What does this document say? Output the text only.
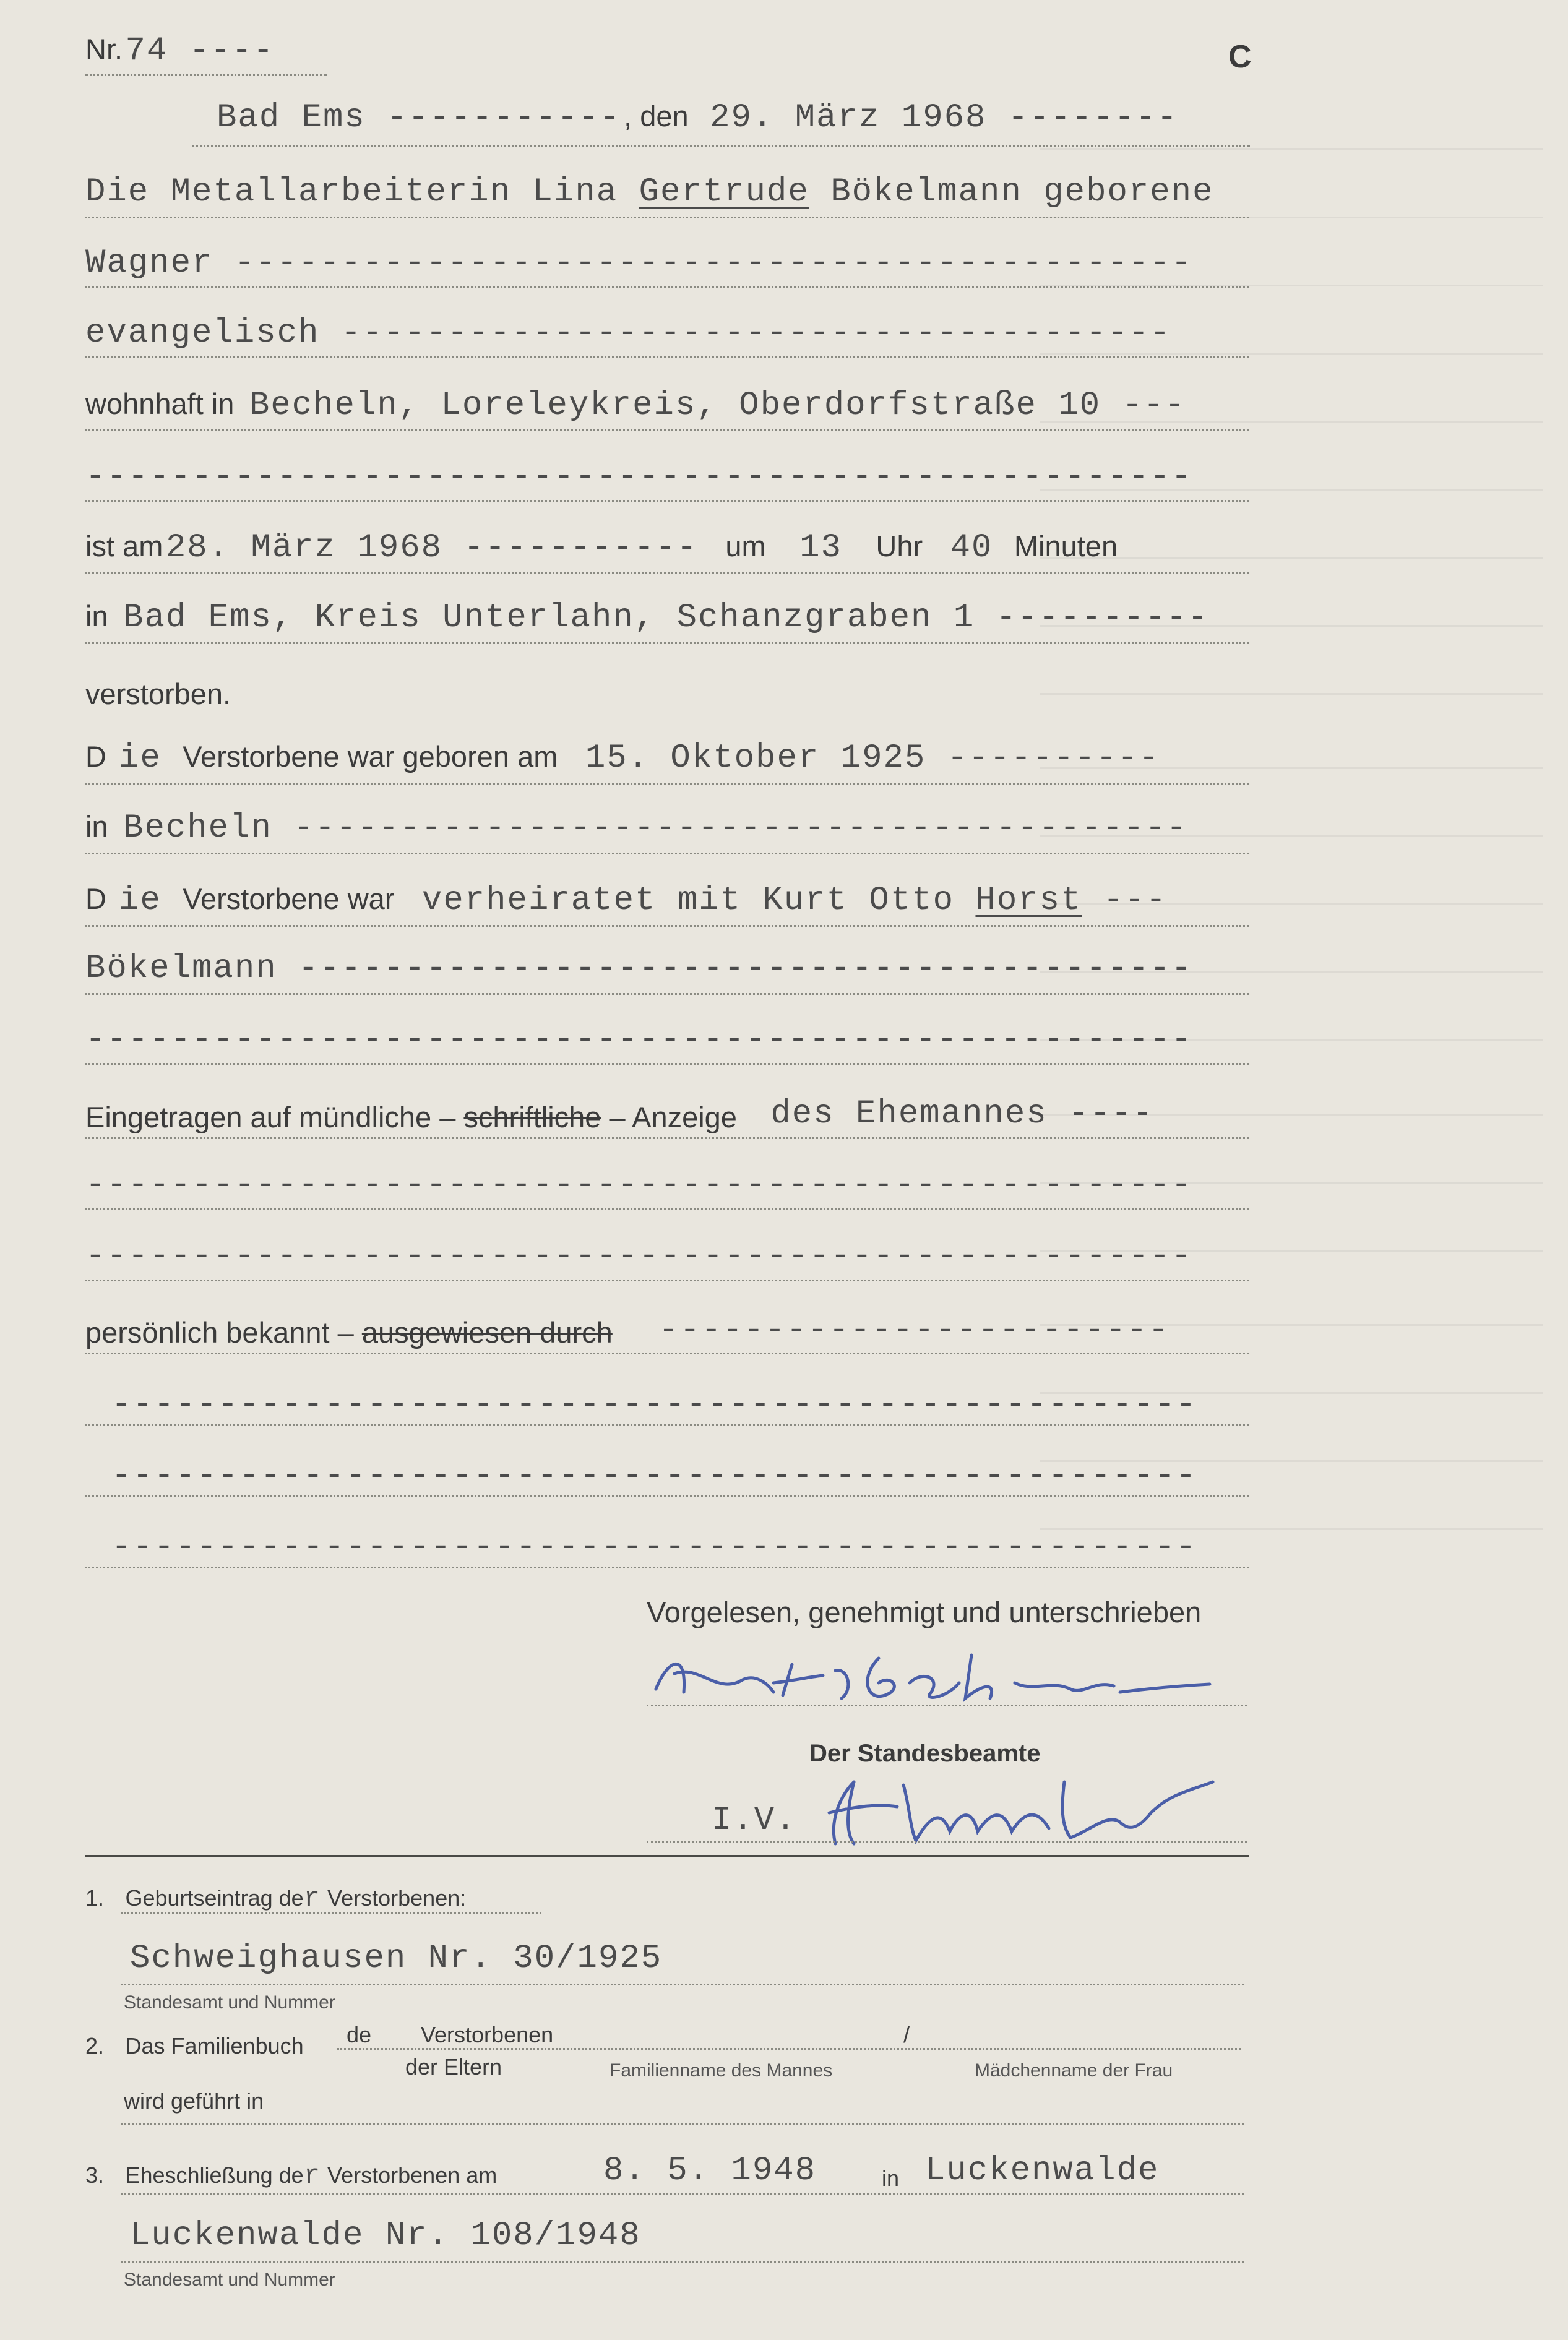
C
Nr. 74 ----
Bad Ems ----------- , den 29. März 1968 --------
Die Metallarbeiterin Lina Gertrude Bökelmann geborene
Wagner ---------------------------------------------
evangelisch ---------------------------------------
wohnhaft in Becheln, Loreleykreis, Oberdorfstraße 10 ---
----------------------------------------------------
ist am 28. März 1968 ----------- um 13 Uhr 40 Minuten
in Bad Ems, Kreis Unterlahn, Schanzgraben 1 ----------
verstorben.
D ie Verstorbene war geboren am 15. Oktober 1925 ----------
in Becheln ------------------------------------------
D ie Verstorbene war verheiratet mit Kurt Otto Horst ---
Bökelmann ------------------------------------------
----------------------------------------------------
Eingetragen auf mündliche – schriftliche – Anzeige des Ehemannes ----
----------------------------------------------------
----------------------------------------------------
persönlich bekannt – ausgewiesen durch ------------------------
---------------------------------------------------
---------------------------------------------------
---------------------------------------------------
Vorgelesen, genehmigt und unterschrieben
Der Standesbeamte
I.V.
1. Geburtseintrag der Verstorbenen:
Schweighausen Nr. 30/1925
Standesamt und Nummer
2. Das Familienbuch de Verstorbenen
der Eltern
/
Familienname des Mannes	Mädchenname der Frau
wird geführt in
3. Eheschließung der Verstorbenen am	8. 5. 1948	in Luckenwalde
Luckenwalde Nr. 108/1948
Standesamt und Nummer
